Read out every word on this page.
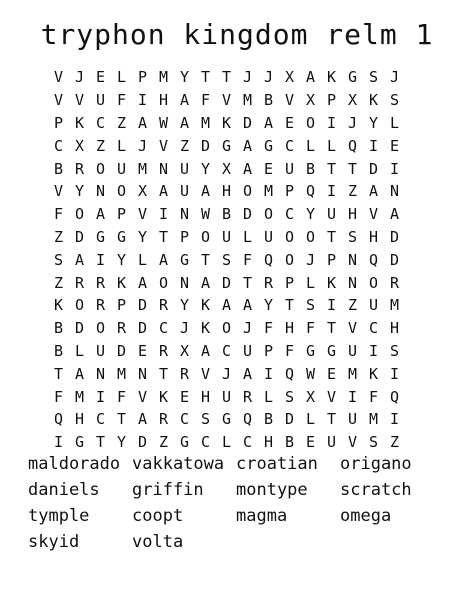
tryphon kingdom relm 1
V J E L P M Y T T J J X A K G S J
V V U F I H A F V M B V X P X K S
P K C Z A W A M K D A E O I J Y L
C X Z L J V Z D G A G C L L Q I E
B R O U M N U Y X A E U B T T D I
V Y N O X A U A H O M P Q I Z A N
F O A P V I N W B D O C Y U H V A
Z D G G Y T P O U L U O O T S H D
S A I Y L A G T S F Q O J P N Q D
Z R R K A O N A D T R P L K N O R
K O R P D R Y K A A Y T S I Z U M
B D O R D C J K O J F H F T V C H
B L U D E R X A C U P F G G U I S
T A N M N T R V J A I Q W E M K I
F M I F V K E H U R L S X V I F Q
Q H C T A R C S G Q B D L T U M I
I G T Y D Z G C L C H B E U V S Z
maldorado vakkatowa croatian	origano
daniels	griffin	montype	scratch
tymple	coopt	magma	omega
skyid	volta
